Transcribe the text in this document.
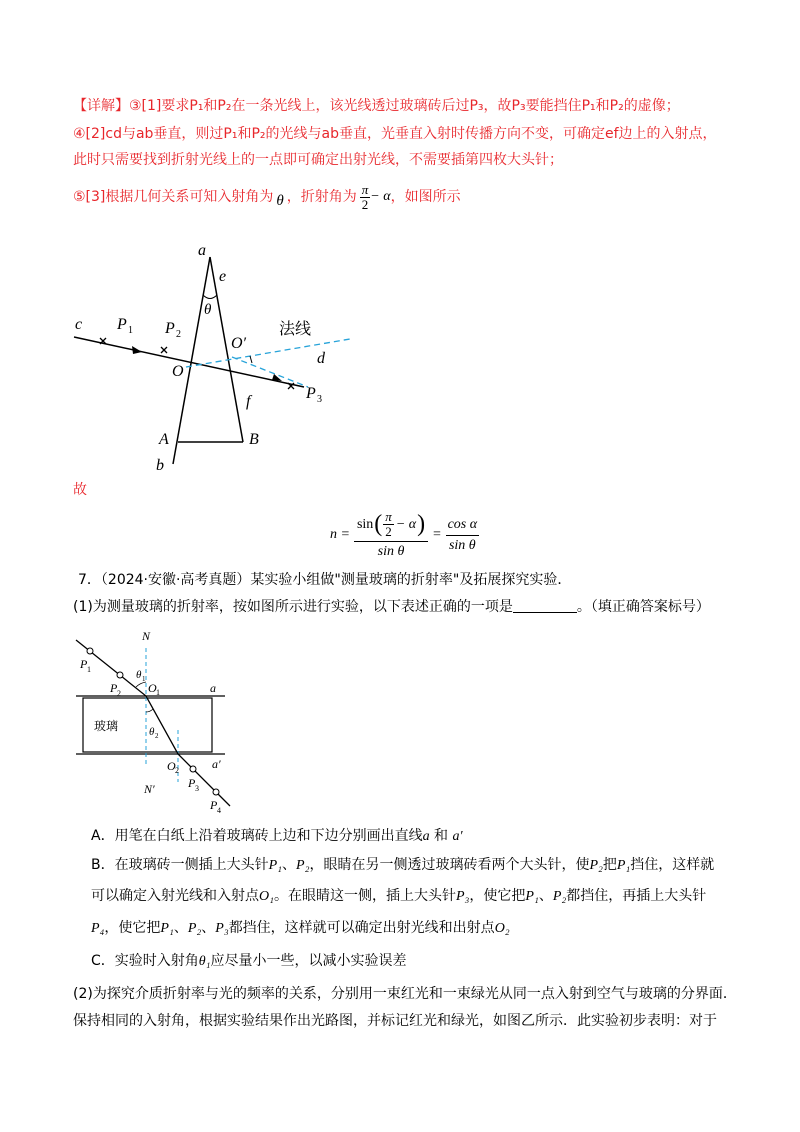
【详解】③[1]要求P₁和P₂在一条光线上，该光线透过玻璃砖后过P₃，故P₃要能挡住P₁和P₂的虚像；
④[2]cd与ab垂直，则过P₁和P₂的光线与ab垂直，光垂直入射时传播方向不变，可确定ef边上的入射点，
此时只需要找到折射光线上的一点即可确定出射光线，不需要插第四枚大头针；
⑤[3]根据几何关系可知入射角为 θ ，折射角为 $\frac{\pi}{2} - \alpha$ ，如图所示
a
e
θ
c P 1 P 2
O′
法线
d
O
f	P 3
A	B
b
故
n =
sin ( $\frac{\pi}{2} - \alpha$ )
sin θ
= $\frac{\text{cos α}}{\text{sin θ}}$
7．（2024·安徽·高考真题）某实验小组做"测量玻璃的折射率"及拓展探究实验．
(1)为测量玻璃的折射率，按如图所示进行实验，以下表述正确的一项是	。（填正确答案标号）
N
P 1
P 2
θ 1
O 1	a
玻璃	θ 2
O 2	a′
N′	P 3
P 4
A．用笔在白纸上沿着玻璃砖上边和下边分别画出直线a 和 a′
B．在玻璃砖一侧插上大头针P₁、P₂，眼睛在另一侧透过玻璃砖看两个大头针，使P₂把P₁挡住，这样就
可以确定入射光线和入射点O₁。在眼睛这一侧，插上大头针P₃，使它把P₁、P₂都挡住，再插上大头针
P₄，使它把P₁、P₂、P₃都挡住，这样就可以确定出射光线和出射点O₂
C．实验时入射角θ₁应尽量小一些，以减小实验误差
(2)为探究介质折射率与光的频率的关系，分别用一束红光和一束绿光从同一点入射到空气与玻璃的分界面．
保持相同的入射角，根据实验结果作出光路图，并标记红光和绿光，如图乙所示．此实验初步表明：对于
